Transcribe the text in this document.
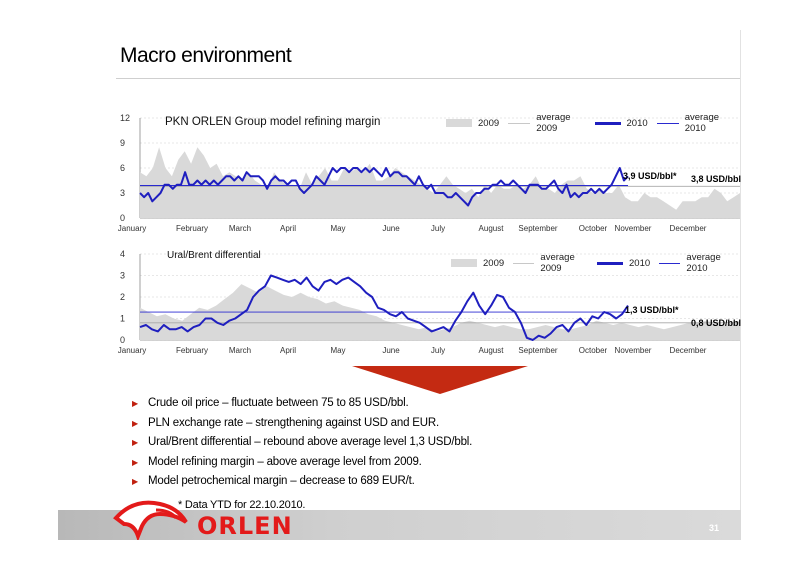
Macro environment
0
3
6
9
12
January	February	March	April	May	June	July	August September	October November December
PKN ORLEN Group model refining margin	2009	average 2009	2010	average 2010
3,9 USD/bbl* 3,8 USD/bbl
0
1
2
3
4
January	February	March	April	May	June	July	August September	October November December
Ural/Brent differential
2009	average 2009	2010	average 2010
1,3 USD/bbl*
0,8 USD/bbl
▶ Crude oil price – fluctuate between 75 to 85 USD/bbl.
▶ PLN exchange rate – strengthening against USD and EUR.
▶ Ural/Brent differential – rebound above average level 1,3 USD/bbl.
▶ Model refining margin – above average level from 2009.
▶ Model petrochemical margin – decrease to 689 EUR/t.
* Data YTD for 22.10.2010.
31
ORLEN
